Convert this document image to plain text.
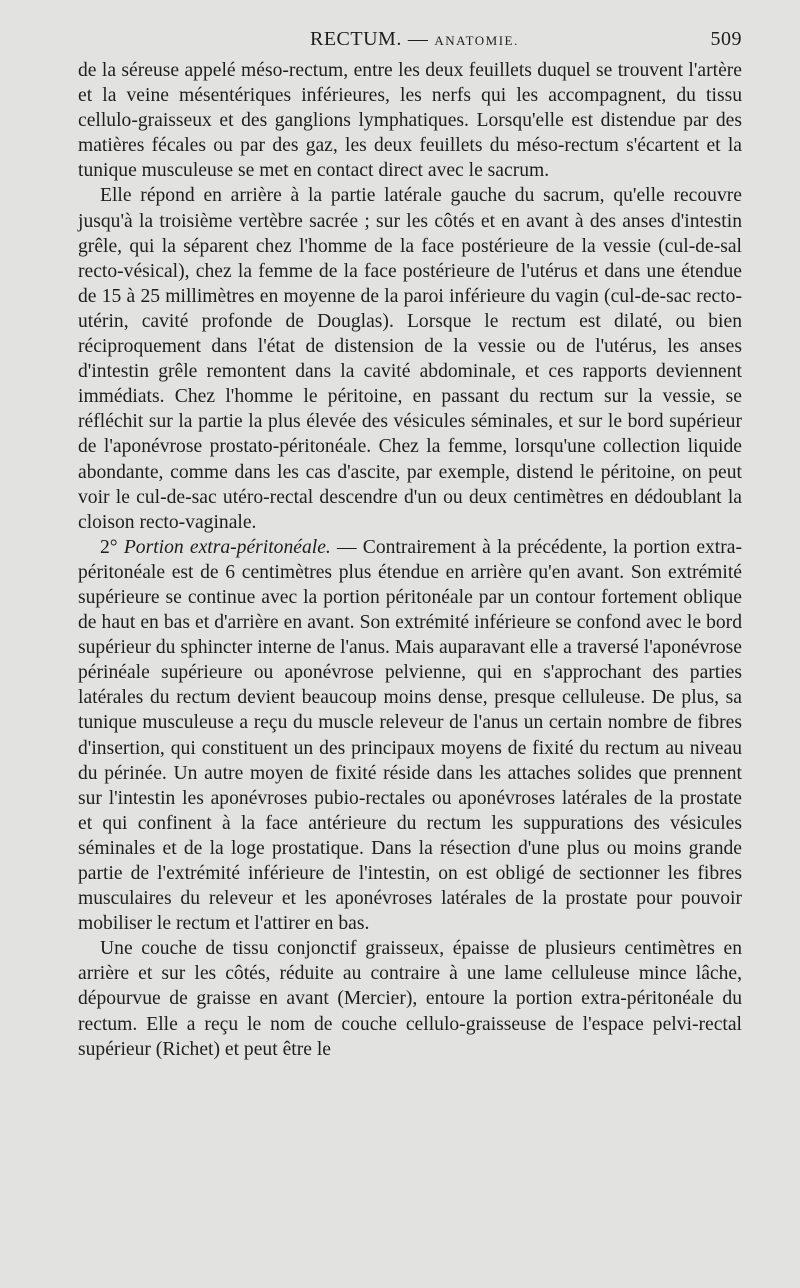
RECTUM. — ANATOMIE.	509

de la séreuse appelé méso-rectum, entre les deux feuillets duquel se trouvent l'artère et la veine mésentériques inférieures, les nerfs qui les accompagnent, du tissu cellulo-graisseux et des ganglions lymphatiques. Lorsqu'elle est distendue par des matières fécales ou par des gaz, les deux feuillets du méso-rectum s'écartent et la tunique musculeuse se met en contact direct avec le sacrum.

Elle répond en arrière à la partie latérale gauche du sacrum, qu'elle recouvre jusqu'à la troisième vertèbre sacrée ; sur les côtés et en avant à des anses d'intestin grêle, qui la séparent chez l'homme de la face postérieure de la vessie (cul-de-sal recto-vésical), chez la femme de la face postérieure de l'utérus et dans une étendue de 15 à 25 millimètres en moyenne de la paroi inférieure du vagin (cul-de-sac recto-utérin, cavité profonde de Douglas). Lorsque le rectum est dilaté, ou bien réciproquement dans l'état de distension de la vessie ou de l'utérus, les anses d'intestin grêle remontent dans la cavité abdominale, et ces rapports deviennent immédiats. Chez l'homme le péritoine, en passant du rectum sur la vessie, se réfléchit sur la partie la plus élevée des vésicules séminales, et sur le bord supérieur de l'aponévrose prostato-péritonéale. Chez la femme, lorsqu'une collection liquide abondante, comme dans les cas d'ascite, par exemple, distend le péritoine, on peut voir le cul-de-sac utéro-rectal descendre d'un ou deux centimètres en dédoublant la cloison recto-vaginale.

2° Portion extra-péritonéale. — Contrairement à la précédente, la portion extra-péritonéale est de 6 centimètres plus étendue en arrière qu'en avant. Son extrémité supérieure se continue avec la portion péritonéale par un contour fortement oblique de haut en bas et d'arrière en avant. Son extrémité inférieure se confond avec le bord supérieur du sphincter interne de l'anus. Mais auparavant elle a traversé l'aponévrose périnéale supérieure ou aponévrose pelvienne, qui en s'approchant des parties latérales du rectum devient beaucoup moins dense, presque celluleuse. De plus, sa tunique musculeuse a reçu du muscle releveur de l'anus un certain nombre de fibres d'insertion, qui constituent un des principaux moyens de fixité du rectum au niveau du périnée. Un autre moyen de fixité réside dans les attaches solides que prennent sur l'intestin les aponévroses pubio-rectales ou aponévroses latérales de la prostate et qui confinent à la face antérieure du rectum les suppurations des vésicules séminales et de la loge prostatique. Dans la résection d'une plus ou moins grande partie de l'extrémité inférieure de l'intestin, on est obligé de sectionner les fibres musculaires du releveur et les aponévroses latérales de la prostate pour pouvoir mobiliser le rectum et l'attirer en bas.

Une couche de tissu conjonctif graisseux, épaisse de plusieurs centimètres en arrière et sur les côtés, réduite au contraire à une lame celluleuse mince lâche, dépourvue de graisse en avant (Mercier), entoure la portion extra-péritonéale du rectum. Elle a reçu le nom de couche cellulo-graisseuse de l'espace pelvi-rectal supérieur (Richet) et peut être le
